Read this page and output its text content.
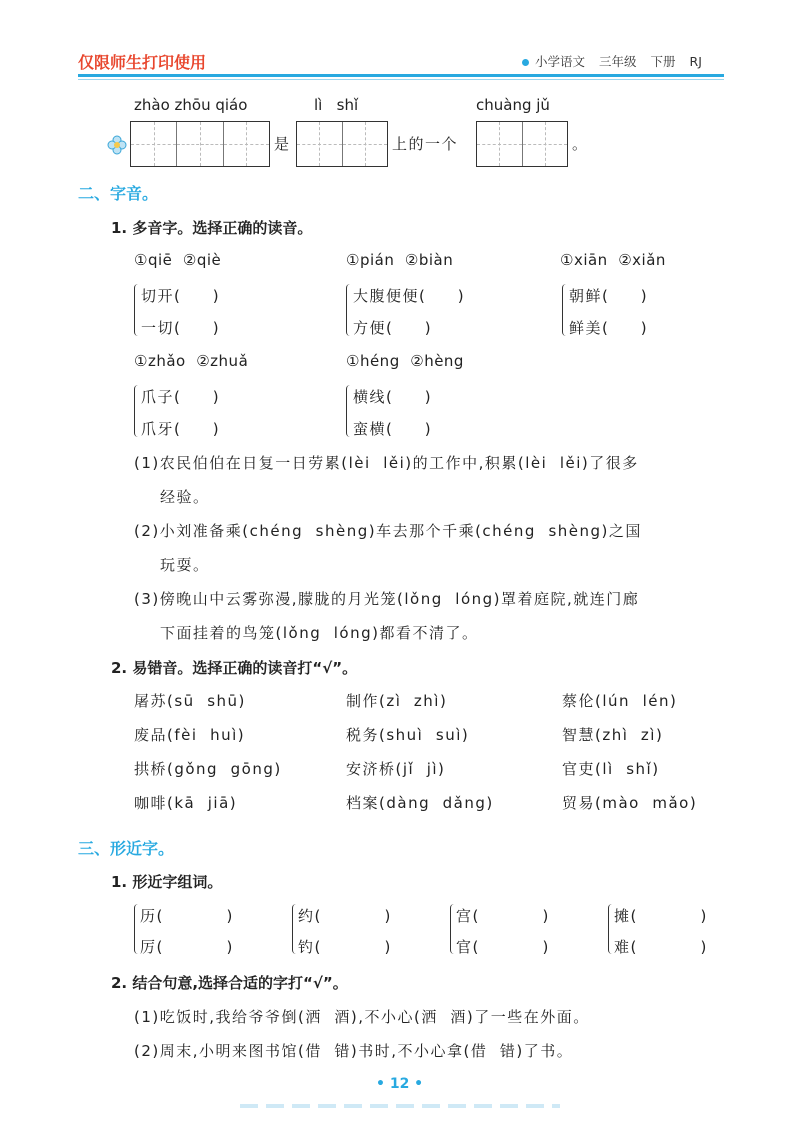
仅限师生打印使用	小学语文 三年级 下册 RJ
zhào zhōu qiáo	lì   shǐ	chuàng jǔ
是	上的一个	。
二、字音。
1. 多音字。选择正确的读音。
①qiē  ②qiè	①pián  ②biàn	①xiān  ②xiǎn
切开(     )
一切(     )
大腹便便(     )
方便(     )
朝鲜(     )
鲜美(     )
①zhǎo  ②zhuǎ	①héng  ②hèng
爪子(     )
爪牙(     )
横线(     )
蛮横(     )
(1)农民伯伯在日复一日劳累(lèi  lěi)的工作中,积累(lèi  lěi)了很多
经验。
(2)小刘准备乘(chéng  shèng)车去那个千乘(chéng  shèng)之国
玩耍。
(3)傍晚山中云雾弥漫,朦胧的月光笼(lǒng  lóng)罩着庭院,就连门廊
下面挂着的鸟笼(lǒng  lóng)都看不清了。
2. 易错音。选择正确的读音打“√”。
屠苏(sū  shū)	制作(zì  zhì)	蔡伦(lún  lén)
废品(fèi  huì)	税务(shuì  suì)	智慧(zhì  zì)
拱桥(gǒng  gōng)	安济桥(jǐ  jì)	官吏(lì  shǐ)
咖啡(kā  jiā)	档案(dàng  dǎng)	贸易(mào  mǎo)
三、形近字。
1. 形近字组词。
历(          )
厉(          )
约(          )
钓(          )
宫(          )
官(          )
摊(          )
难(          )
2. 结合句意,选择合适的字打“√”。
(1)吃饭时,我给爷爷倒(洒  酒),不小心(洒  酒)了一些在外面。
(2)周末,小明来图书馆(借  错)书时,不小心拿(借  错)了书。
• 12 •
